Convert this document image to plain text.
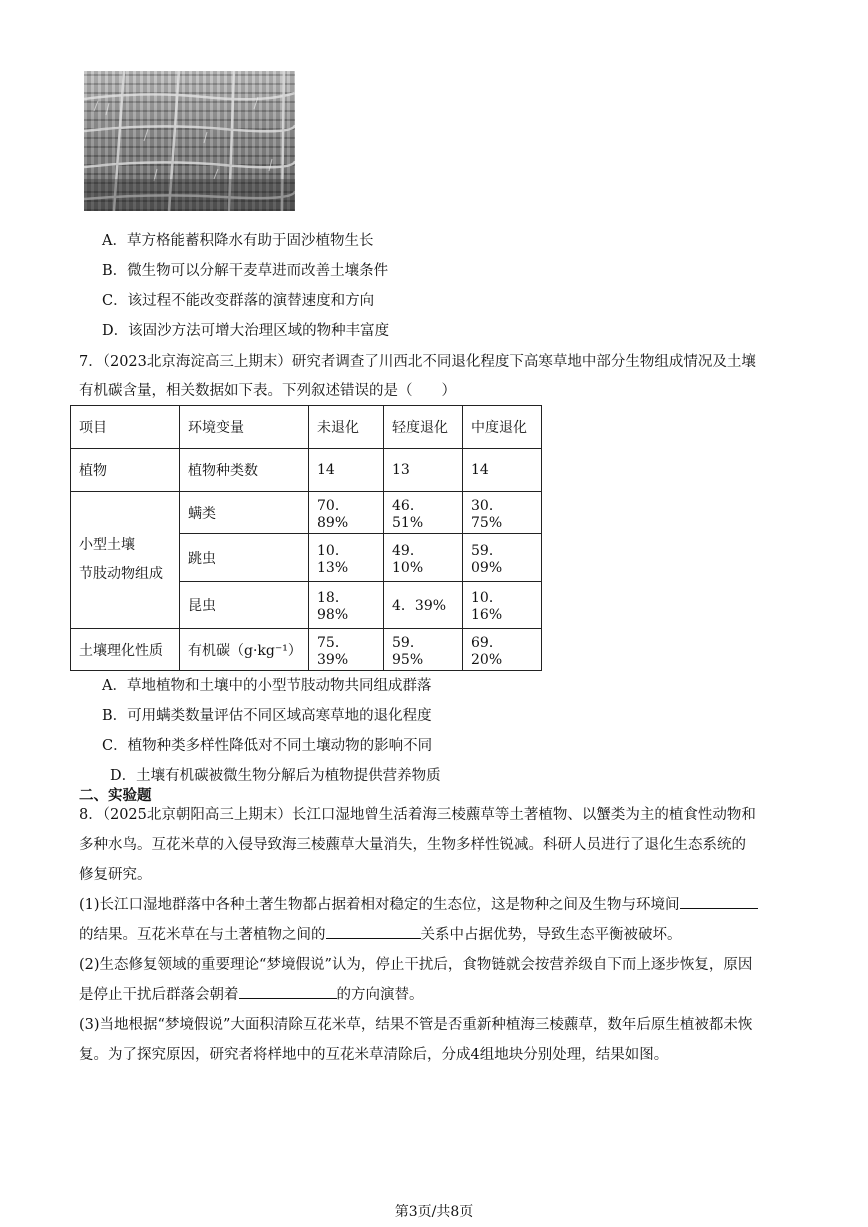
A．草方格能蓄积降水有助于固沙植物生长
B．微生物可以分解干麦草进而改善土壤条件
C．该过程不能改变群落的演替速度和方向
D．该固沙方法可增大治理区域的物种丰富度
7．（2023北京海淀高三上期末）研究者调查了川西北不同退化程度下高寒草地中部分生物组成情况及土壤
有机碳含量，相关数据如下表。下列叙述错误的是（　　）
项目	环境变量	未退化	轻度退化	中度退化
植物	植物种类数	14	13	14
小型土壤
节肢动物组成	螨类	70．89%	46．51%	30．75%
	跳虫	10．13%	49．10%	59．09%
	昆虫	18．98%	4．39%	10．16%
土壤理化性质	有机碳（g·kg⁻¹）	75．39%	59．95%	69．20%
A．草地植物和土壤中的小型节肢动物共同组成群落
B．可用螨类数量评估不同区域高寒草地的退化程度
C．植物种类多样性降低对不同土壤动物的影响不同
D．土壤有机碳被微生物分解后为植物提供营养物质
二、实验题
8．（2025北京朝阳高三上期末）长江口湿地曾生活着海三棱藨草等土著植物、以蟹类为主的植食性动物和
多种水鸟。互花米草的入侵导致海三棱藨草大量消失，生物多样性锐减。科研人员进行了退化生态系统的
修复研究。
(1)长江口湿地群落中各种土著生物都占据着相对稳定的生态位，这是物种之间及生物与环境间
的结果。互花米草在与土著植物之间的	关系中占据优势，导致生态平衡被破坏。
(2)生态修复领域的重要理论“梦境假说”认为，停止干扰后，食物链就会按营养级自下而上逐步恢复，原因
是停止干扰后群落会朝着	的方向演替。
(3)当地根据“梦境假说”大面积清除互花米草，结果不管是否重新种植海三棱藨草，数年后原生植被都未恢
复。为了探究原因，研究者将样地中的互花米草清除后，分成4组地块分别处理，结果如图。
第3页/共8页
